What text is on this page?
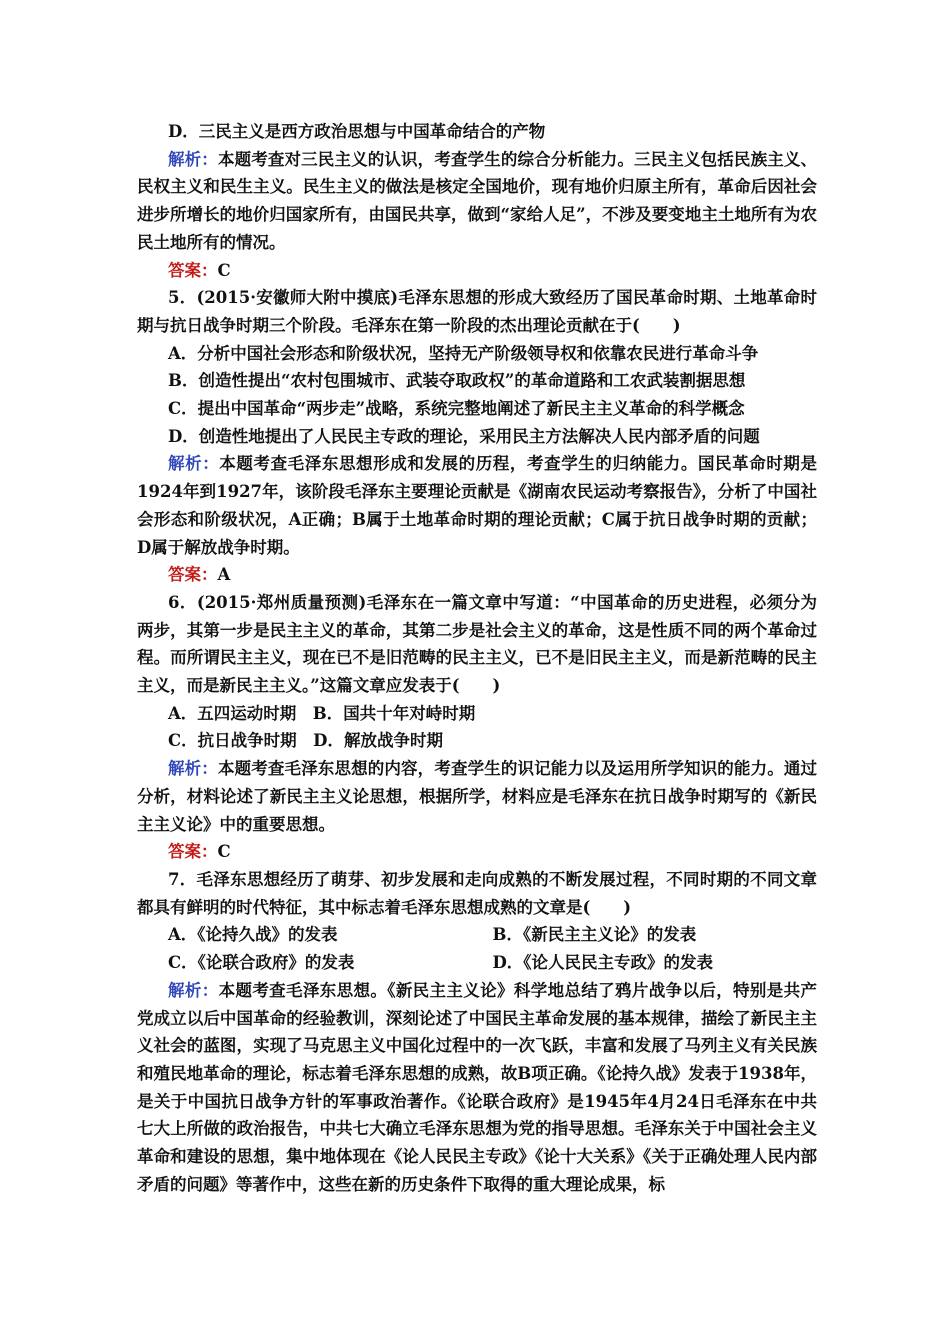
D．三民主义是西方政治思想与中国革命结合的产物

解析：本题考查对三民主义的认识，考查学生的综合分析能力。三民主义包括民族主义、民权主义和民生主义。民生主义的做法是核定全国地价，现有地价归原主所有，革命后因社会进步所增长的地价归国家所有，由国民共享，做到“家给人足”，不涉及要变地主土地所有为农民土地所有的情况。

答案：C

5．(2015·安徽师大附中摸底)毛泽东思想的形成大致经历了国民革命时期、土地革命时期与抗日战争时期三个阶段。毛泽东在第一阶段的杰出理论贡献在于(　　)

A．分析中国社会形态和阶级状况，坚持无产阶级领导权和依靠农民进行革命斗争

B．创造性提出“农村包围城市、武装夺取政权”的革命道路和工农武装割据思想

C．提出中国革命“两步走”战略，系统完整地阐述了新民主主义革命的科学概念

D．创造性地提出了人民民主专政的理论，采用民主方法解决人民内部矛盾的问题

解析：本题考查毛泽东思想形成和发展的历程，考查学生的归纳能力。国民革命时期是1924年到1927年，该阶段毛泽东主要理论贡献是《湖南农民运动考察报告》，分析了中国社会形态和阶级状况，A正确；B属于土地革命时期的理论贡献；C属于抗日战争时期的贡献；D属于解放战争时期。

答案：A

6．(2015·郑州质量预测)毛泽东在一篇文章中写道：“中国革命的历史进程，必须分为两步，其第一步是民主主义的革命，其第二步是社会主义的革命，这是性质不同的两个革命过程。而所谓民主主义，现在已不是旧范畴的民主主义，已不是旧民主主义，而是新范畴的民主主义，而是新民主主义。”这篇文章应发表于(　　)

A．五四运动时期　B．国共十年对峙时期

C．抗日战争时期　D．解放战争时期

解析：本题考查毛泽东思想的内容，考查学生的识记能力以及运用所学知识的能力。通过分析，材料论述了新民主主义论思想，根据所学，材料应是毛泽东在抗日战争时期写的《新民主主义论》中的重要思想。

答案：C

7．毛泽东思想经历了萌芽、初步发展和走向成熟的不断发展过程，不同时期的不同文章都具有鲜明的时代特征，其中标志着毛泽东思想成熟的文章是(　　)

A．《论持久战》的发表	B．《新民主主义论》的发表
C．《论联合政府》的发表	D．《论人民民主专政》的发表

解析：本题考查毛泽东思想。《新民主主义论》科学地总结了鸦片战争以后，特别是共产党成立以后中国革命的经验教训，深刻论述了中国民主革命发展的基本规律，描绘了新民主主义社会的蓝图，实现了马克思主义中国化过程中的一次飞跃，丰富和发展了马列主义有关民族和殖民地革命的理论，标志着毛泽东思想的成熟，故B项正确。《论持久战》发表于1938年，是关于中国抗日战争方针的军事政治著作。《论联合政府》是1945年4月24日毛泽东在中共七大上所做的政治报告，中共七大确立毛泽东思想为党的指导思想。毛泽东关于中国社会主义革命和建设的思想，集中地体现在《论人民民主专政》《论十大关系》《关于正确处理人民内部矛盾的问题》等著作中，这些在新的历史条件下取得的重大理论成果，标
